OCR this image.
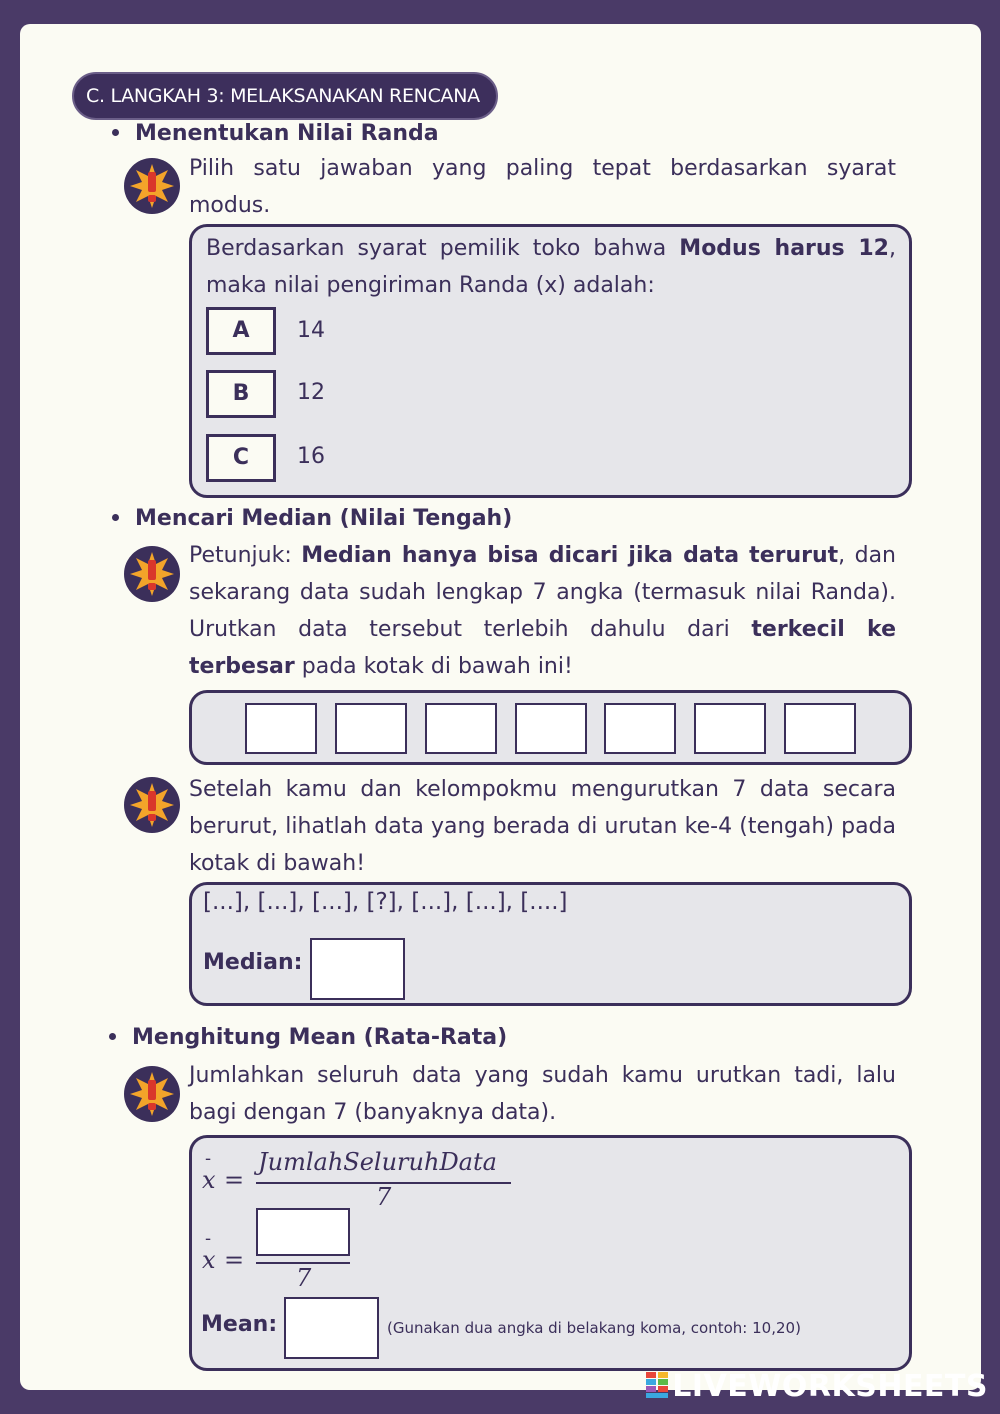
C. LANGKAH 3: MELAKSANAKAN RENCANA
Menentukan Nilai Randa
Pilih satu jawaban yang paling tepat berdasarkan syarat modus.
Berdasarkan syarat pemilik toko bahwa Modus harus 12, maka nilai pengiriman Randa (x) adalah:
A	14
B	12
C	16
Mencari Median (Nilai Tengah)
Petunjuk: Median hanya bisa dicari jika data terurut, dan sekarang data sudah lengkap 7 angka (termasuk nilai Randa). Urutkan data tersebut terlebih dahulu dari terkecil ke terbesar pada kotak di bawah ini!
Setelah kamu dan kelompokmu mengurutkan 7 data secara berurut, lihatlah data yang berada di urutan ke-4 (tengah) pada kotak di bawah!
[...], [...], [...], [?], [...], [...], [....]
Median:
Menghitung Mean (Rata-Rata)
Jumlahkan seluruh data yang sudah kamu urutkan tadi, lalu bagi dengan 7 (banyaknya data).
-
x =
JumlahSeluruhData
7
-
x =
7
Mean:	(Gunakan dua angka di belakang koma, contoh: 10,20)
LIVEWORKSHEETS
